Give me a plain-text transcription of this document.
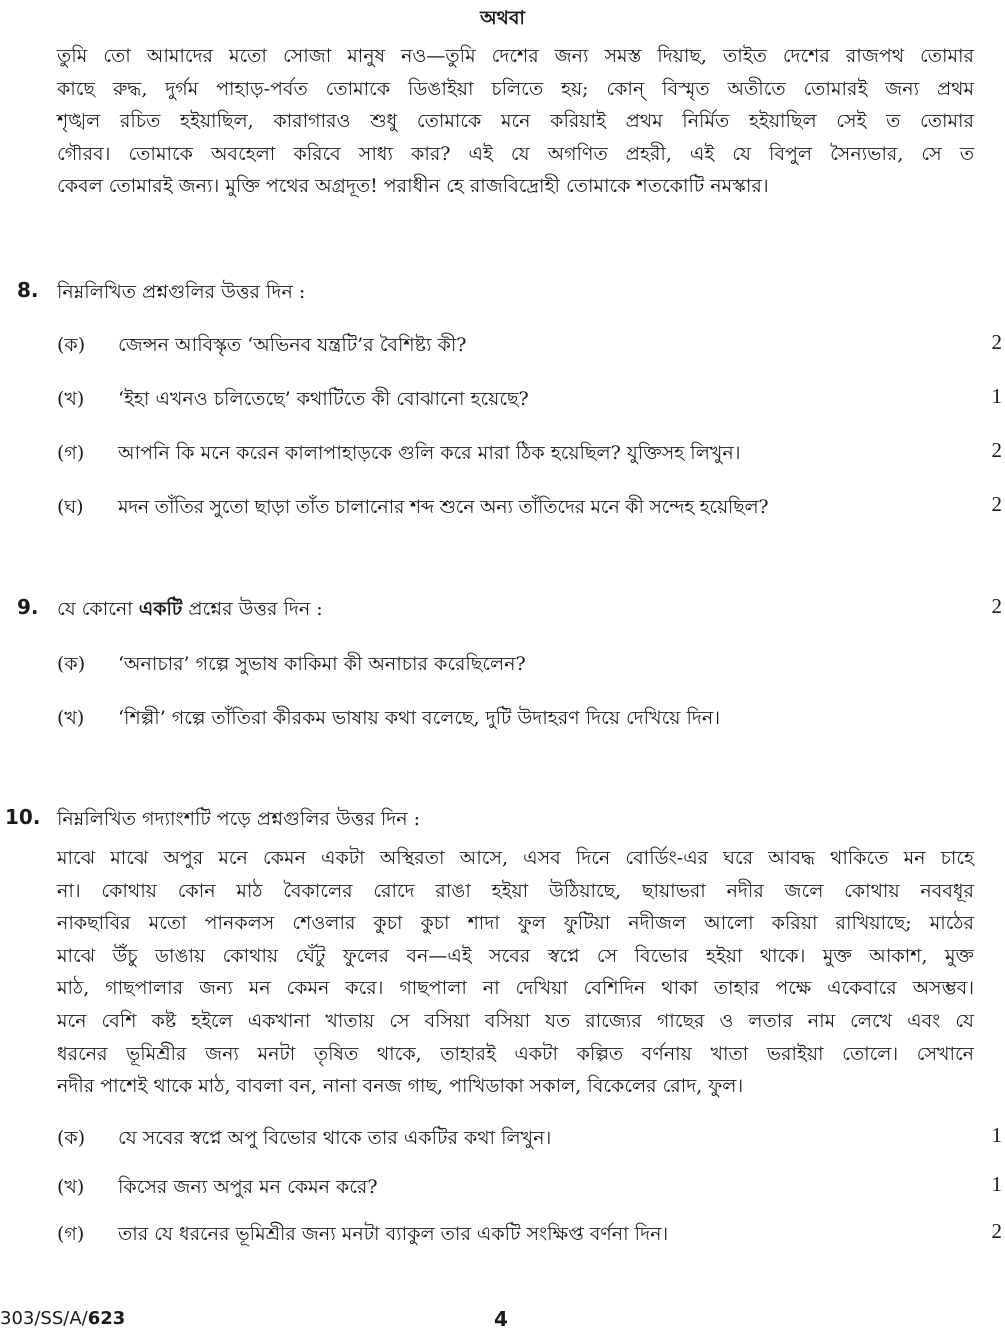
অথবা
তুমি তো আমাদের মতো সোজা মানুষ নও—তুমি দেশের জন্য সমস্ত দিয়াছ, তাইত দেশের রাজপথ তোমার
কাছে রুদ্ধ, দুর্গম পাহাড়-পর্বত তোমাকে ডিঙাইয়া চলিতে হয়; কোন্ বিস্মৃত অতীতে তোমারই জন্য প্রথম
শৃঙ্খল রচিত হইয়াছিল, কারাগারও শুধু তোমাকে মনে করিয়াই প্রথম নির্মিত হইয়াছিল সেই ত তোমার
গৌরব। তোমাকে অবহেলা করিবে সাধ্য কার? এই যে অগণিত প্রহরী, এই যে বিপুল সৈন্যভার, সে ত
কেবল তোমারই জন্য। মুক্তি পথের অগ্রদূত! পরাধীন হে রাজবিদ্রোহী তোমাকে শতকোটি নমস্কার।
8. নিম্নলিখিত প্রশ্নগুলির উত্তর দিন :
(ক) জেন্সন আবিস্কৃত ‘অভিনব যন্ত্রটি’র বৈশিষ্ট্য কী?	2
(খ) ‘ইহা এখনও চলিতেছে’ কথাটিতে কী বোঝানো হয়েছে?	1
(গ) আপনি কি মনে করেন কালাপাহাড়কে গুলি করে মারা ঠিক হয়েছিল? যুক্তিসহ লিখুন।	2
(ঘ) মদন তাঁতির সুতো ছাড়া তাঁত চালানোর শব্দ শুনে অন্য তাঁতিদের মনে কী সন্দেহ হয়েছিল?	2
9. যে কোনো একটি প্রশ্নের উত্তর দিন :	2
(ক) ‘অনাচার’ গল্পে সুভাষ কাকিমা কী অনাচার করেছিলেন?
(খ) ‘শিল্পী’ গল্পে তাঁতিরা কীরকম ভাষায় কথা বলেছে, দুটি উদাহরণ দিয়ে দেখিয়ে দিন।
10. নিম্নলিখিত গদ্যাংশটি পড়ে প্রশ্নগুলির উত্তর দিন :
মাঝে মাঝে অপুর মনে কেমন একটা অস্থিরতা আসে, এসব দিনে বোর্ডিং-এর ঘরে আবদ্ধ থাকিতে মন চাহে
না। কোথায় কোন মাঠ বৈকালের রোদে রাঙা হইয়া উঠিয়াছে, ছায়াভরা নদীর জলে কোথায় নববধূর
নাকছাবির মতো পানকলস শেওলার কুচা কুচা শাদা ফুল ফুটিয়া নদীজল আলো করিয়া রাখিয়াছে; মাঠের
মাঝে উঁচু ডাঙায় কোথায় ঘেঁটু ফুলের বন—এই সবের স্বপ্নে সে বিভোর হইয়া থাকে। মুক্ত আকাশ, মুক্ত
মাঠ, গাছপালার জন্য মন কেমন করে। গাছপালা না দেখিয়া বেশিদিন থাকা তাহার পক্ষে একেবারে অসম্ভব।
মনে বেশি কষ্ট হইলে একখানা খাতায় সে বসিয়া বসিয়া যত রাজ্যের গাছের ও লতার নাম লেখে এবং যে
ধরনের ভূমিশ্রীর জন্য মনটা তৃষিত থাকে, তাহারই একটা কল্পিত বর্ণনায় খাতা ভরাইয়া তোলে। সেখানে
নদীর পাশেই থাকে মাঠ, বাবলা বন, নানা বনজ গাছ, পাখিডাকা সকাল, বিকেলের রোদ, ফুল।
(ক) যে সবের স্বপ্নে অপু বিভোর থাকে তার একটির কথা লিখুন।	1
(খ) কিসের জন্য অপুর মন কেমন করে?	1
(গ) তার যে ধরনের ভূমিশ্রীর জন্য মনটা ব্যাকুল তার একটি সংক্ষিপ্ত বর্ণনা দিন।	2
303/SS/A/623	4
